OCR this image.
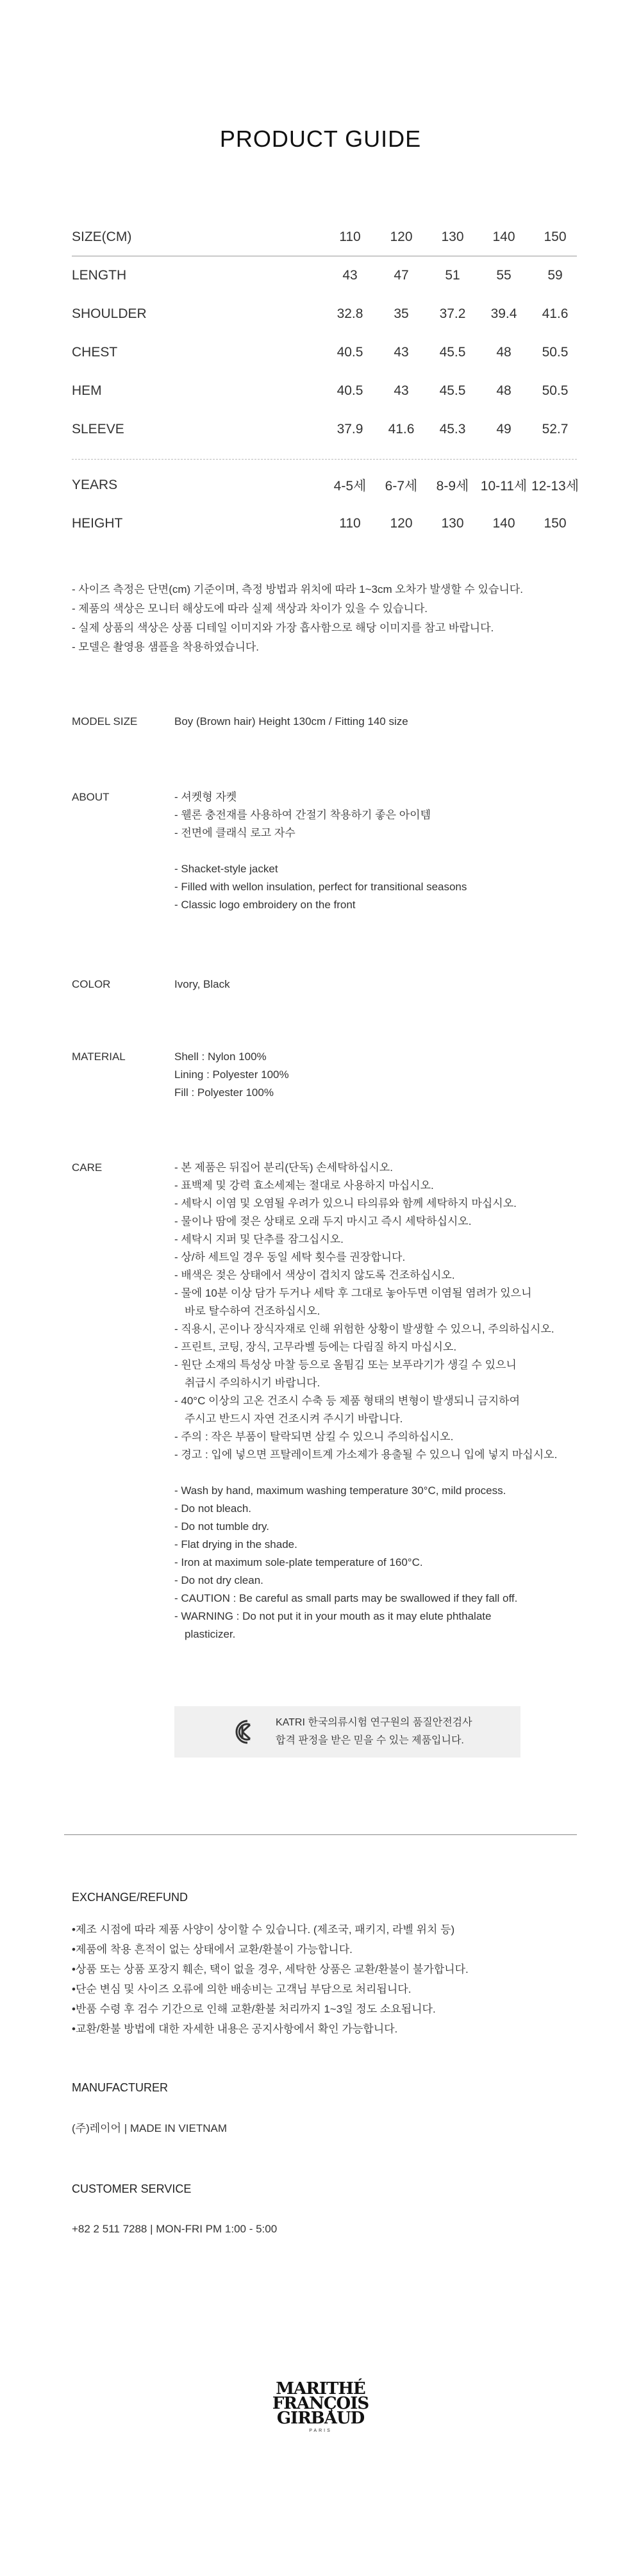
PRODUCT GUIDE
SIZE(CM)	110	120	130	140	150
LENGTH	43	47	51	55	59
SHOULDER	32.8	35	37.2	39.4	41.6
CHEST	40.5	43	45.5	48	50.5
HEM	40.5	43	45.5	48	50.5
SLEEVE	37.9	41.6	45.3	49	52.7
YEARS	4-5세	6-7세	8-9세 10-11세 12-13세
HEIGHT	110	120	130	140	150
- 사이즈 측정은 단면(cm) 기준이며, 측정 방법과 위치에 따라 1~3cm 오차가 발생할 수 있습니다.
- 제품의 색상은 모니터 해상도에 따라 실제 색상과 차이가 있을 수 있습니다.
- 실제 상품의 색상은 상품 디테일 이미지와 가장 흡사함으로 해당 이미지를 참고 바랍니다.
- 모델은 촬영용 샘플을 착용하였습니다.
MODEL SIZE	Boy (Brown hair) Height 130cm / Fitting 140 size
ABOUT	- 셔켓형 자켓
- 웰론 충전재를 사용하여 간절기 착용하기 좋은 아이템
- 전면에 클래식 로고 자수
- Shacket-style jacket
- Filled with wellon insulation, perfect for transitional seasons
- Classic logo embroidery on the front
COLOR	Ivory, Black
MATERIAL	Shell : Nylon 100%
Lining : Polyester 100%
Fill : Polyester 100%
CARE	- 본 제품은 뒤집어 분리(단독) 손세탁하십시오.
- 표백제 및 강력 효소세제는 절대로 사용하지 마십시오.
- 세탁시 이염 및 오염될 우려가 있으니 타의류와 함께 세탁하지 마십시오.
- 물이나 땀에 젖은 상태로 오래 두지 마시고 즉시 세탁하십시오.
- 세탁시 지퍼 및 단추를 잠그십시오.
- 상/하 세트일 경우 동일 세탁 횟수를 권장합니다.
- 배색은 젖은 상태에서 색상이 겹치지 않도록 건조하십시오.
- 물에 10분 이상 담가 두거나 세탁 후 그대로 놓아두면 이염될 염려가 있으니
바로 탈수하여 건조하십시오.
- 직용시, 곤이나 장식자재로 인해 위험한 상황이 발생할 수 있으니, 주의하십시오.
- 프린트, 코팅, 장식, 고무라벨 등에는 다림질 하지 마십시오.
- 원단 소재의 특성상 마찰 등으로 올튐김 또는 보푸라기가 생길 수 있으니
취급시 주의하시기 바랍니다.
- 40°C 이상의 고온 건조시 수축 등 제품 형태의 변형이 발생되니 금지하여
주시고 반드시 자연 건조시켜 주시기 바랍니다.
- 주의 : 작은 부품이 탈락되면 삼킬 수 있으니 주의하십시오.
- 경고 : 입에 넣으면 프탈레이트계 가소제가 용출될 수 있으니 입에 넣지 마십시오.
- Wash by hand, maximum washing temperature 30°C, mild process.
- Do not bleach.
- Do not tumble dry.
- Flat drying in the shade.
- Iron at maximum sole-plate temperature of 160°C.
- Do not dry clean.
- CAUTION : Be careful as small parts may be swallowed if they fall off.
- WARNING : Do not put it in your mouth as it may elute phthalate
plasticizer.
KATRI 한국의류시험 연구원의 품질안전검사
합격 판정을 받은 믿을 수 있는 제품입니다.
EXCHANGE/REFUND
•제조 시점에 따라 제품 사양이 상이할 수 있습니다. (제조국, 패키지, 라벨 위치 등)
•제품에 착용 흔적이 없는 상태에서 교환/환불이 가능합니다.
•상품 또는 상품 포장지 훼손, 택이 없을 경우, 세탁한 상품은 교환/환불이 불가합니다.
•단순 변심 및 사이즈 오류에 의한 배송비는 고객님 부담으로 처리됩니다.
•반품 수령 후 검수 기간으로 인해 교환/환불 처리까지 1~3일 정도 소요됩니다.
•교환/환불 방법에 대한 자세한 내용은 공지사항에서 확인 가능합니다.
MANUFACTURER
(주)레이어 | MADE IN VIETNAM
CUSTOMER SERVICE
+82 2 511 7288 | MON-FRI PM 1:00 - 5:00
MARITHÉ
FRANÇOIS
GIRBAUD
PARIS
